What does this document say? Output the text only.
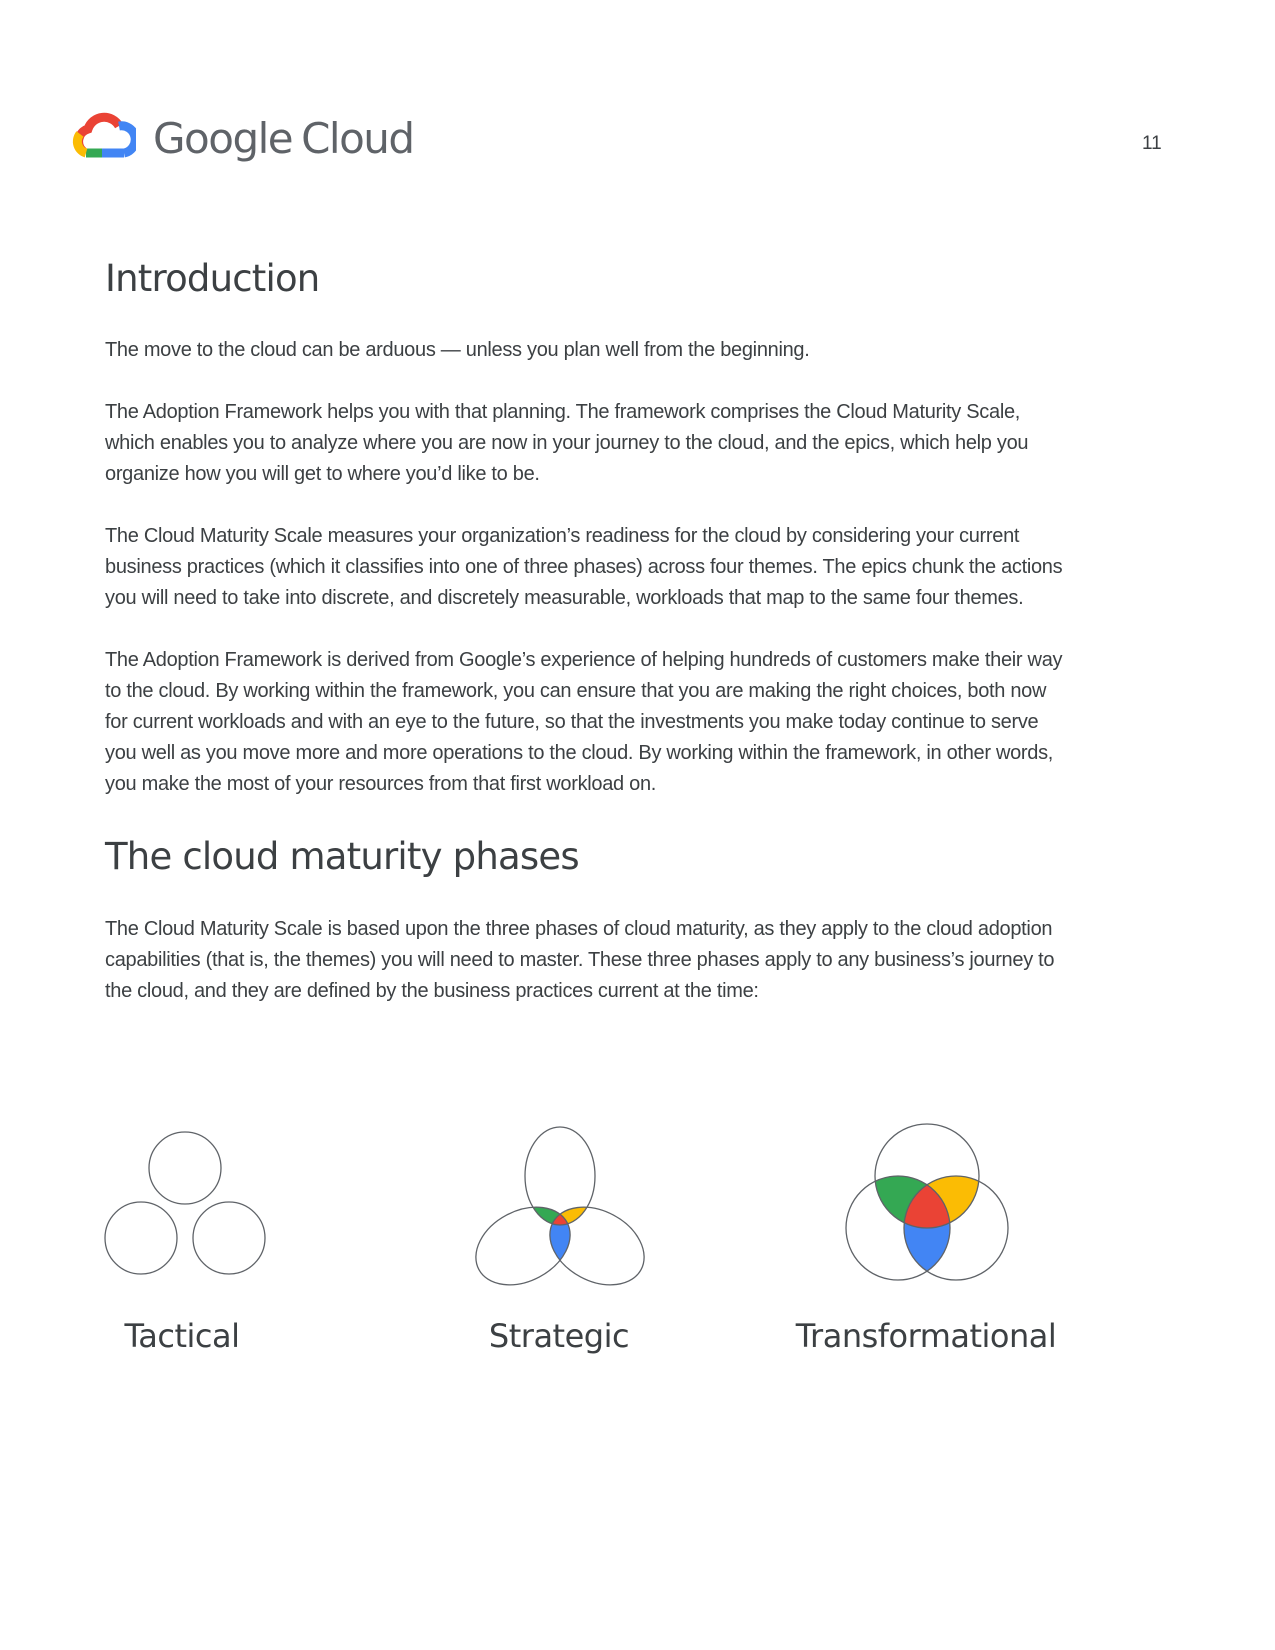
Google Cloud	11
Introduction

The move to the cloud can be arduous — unless you plan well from the beginning.

The Adoption Framework helps you with that planning. The framework comprises the Cloud Maturity Scale, which enables you to analyze where you are now in your journey to the cloud, and the epics, which help you organize how you will get to where you’d like to be.

The Cloud Maturity Scale measures your organization’s readiness for the cloud by considering your current business practices (which it classifies into one of three phases) across four themes. The epics chunk the actions you will need to take into discrete, and discretely measurable, workloads that map to the same four themes.

The Adoption Framework is derived from Google’s experience of helping hundreds of customers make their way to the cloud. By working within the framework, you can ensure that you are making the right choices, both now for current workloads and with an eye to the future, so that the investments you make today continue to serve you well as you move more and more operations to the cloud. By working within the framework, in other words, you make the most of your resources from that first workload on.

The cloud maturity phases

The Cloud Maturity Scale is based upon the three phases of cloud maturity, as they apply to the cloud adoption capabilities (that is, the themes) you will need to master. These three phases apply to any business’s journey to the cloud, and they are defined by the business practices current at the time:

Tactical	Strategic	Transformational
